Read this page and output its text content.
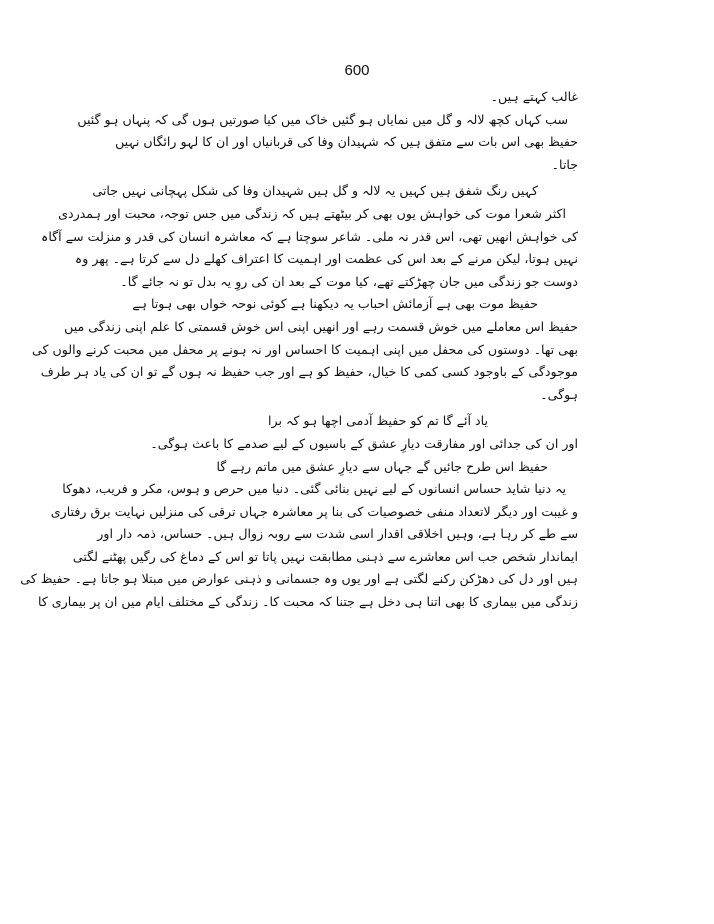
600
غالب کہتے ہیں۔
سب کہاں کچھ لالہ و گل میں نمایاں ہو گئیں خاک میں کیا صورتیں ہوں گی کہ پنہاں ہو گئیں
حفیظ بھی اس بات سے متفق ہیں کہ شہیدان وفا کی قربانیاں اور ان کا لہو رائگاں نہیں
جاتا۔
کہیں رنگ شفق ہیں کہیں یہ لالہ و گل ہیں شہیدان وفا کی شکل پہچانی نہیں جاتی
اکثر شعرا موت کی خواہش یوں بھی کر بیٹھتے ہیں کہ زندگی میں جس توجہ، محبت اور ہمدردی
کی خواہش انھیں تھی، اس قدر نہ ملی۔ شاعر سوچتا ہے کہ معاشرہ انسان کی قدر و منزلت سے آگاہ
نہیں ہوتا، لیکن مرنے کے بعد اس کی عظمت اور اہمیت کا اعتراف کھلے دل سے کرتا ہے۔ پھر وہ
دوست جو زندگی میں جان چھڑکتے تھے، کیا موت کے بعد ان کی روِ یہ بدل تو نہ جائے گا۔
حفیظ موت بھی ہے آزمائش احباب یہ دیکھنا ہے کوئی نوحہ خواں بھی ہوتا ہے
حفیظ اس معاملے میں خوش قسمت رہے اور انھیں اپنی اس خوش قسمتی کا علم اپنی زندگی میں
بھی تھا۔ دوستوں کی محفل میں اپنی اہمیت کا احساس اور نہ ہونے پر محفل میں محبت کرنے والوں کی
موجودگی کے باوجود کسی کمی کا خیال، حفیظ کو ہے اور جب حفیظ نہ ہوں گے تو ان کی یاد ہر طرف
ہوگی۔
یاد آئے گا تم کو حفیظ آدمی اچھا ہو کہ برا
اور ان کی جدائی اور مفارقت دیارِ عشق کے باسیوں کے لیے صدمے کا باعث ہوگی۔
حفیظ اس طرح جائیں گے جہاں سے دیارِ عشق میں ماتم رہے گا
یہ دنیا شاید حساس انسانوں کے لیے نہیں بنائی گئی۔ دنیا میں حرص و ہوس، مکر و فریب، دھوکا
و غیبت اور دیگر لاتعداد منفی خصوصیات کی بنا پر معاشرہ جہاں ترقی کی منزلیں نہایت برق رفتاری
سے طے کر رہا ہے، وہیں اخلاقی اقدار اسی شدت سے روبہ زوال ہیں۔ حساس، ذمہ دار اور
ایماندار شخص جب اس معاشرے سے ذہنی مطابقت نہیں پاتا تو اس کے دماغ کی رگیں پھٹنے لگتی
ہیں اور دل کی دھڑکن رکنے لگتی ہے اور یوں وہ جسمانی و ذہنی عوارض میں مبتلا ہو جاتا ہے۔ حفیظ کی
زندگی میں بیماری کا بھی اتنا ہی دخل ہے جتنا کہ محبت کا۔ زندگی کے مختلف ایام میں ان پر بیماری کا
